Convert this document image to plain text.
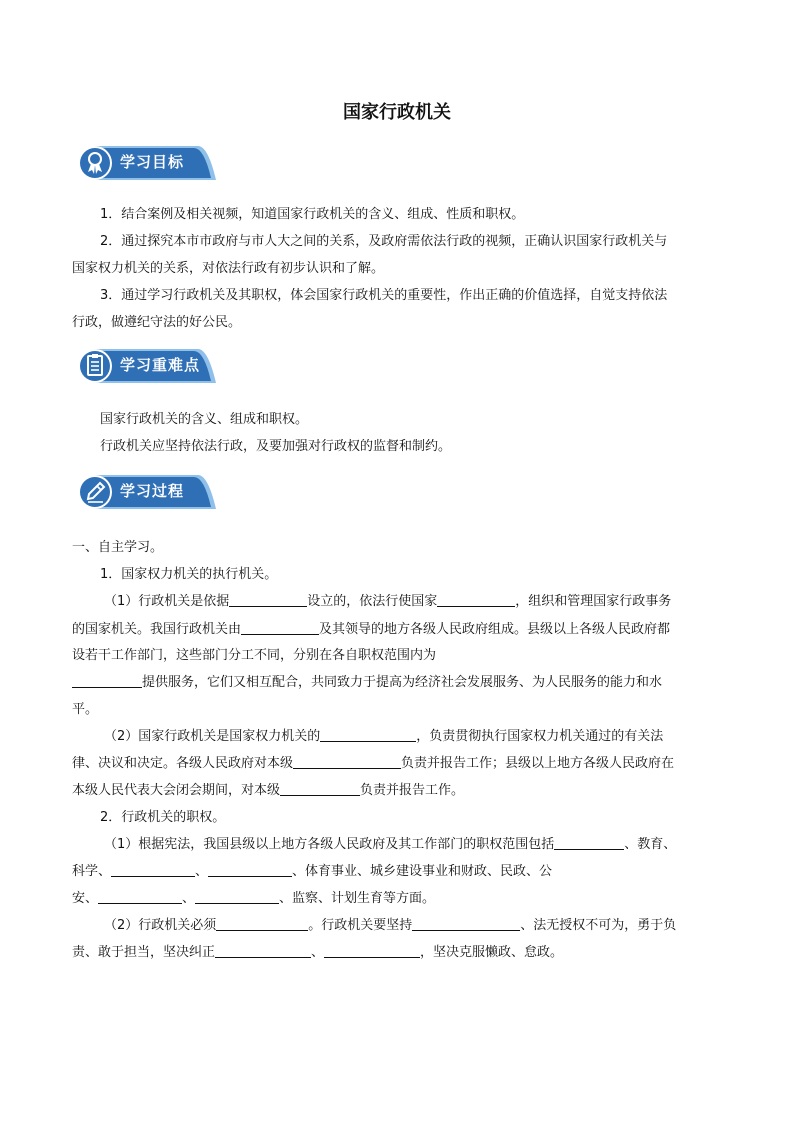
国家行政机关
学习目标
1．结合案例及相关视频，知道国家行政机关的含义、组成、性质和职权。
2．通过探究本市市政府与市人大之间的关系，及政府需依法行政的视频，正确认识国家行政机关与
国家权力机关的关系，对依法行政有初步认识和了解。
3．通过学习行政机关及其职权，体会国家行政机关的重要性，作出正确的价值选择，自觉支持依法
行政，做遵纪守法的好公民。
学习重难点
国家行政机关的含义、组成和职权。
行政机关应坚持依法行政，及要加强对行政权的监督和制约。
学习过程
一、自主学习。
1．国家权力机关的执行机关。
（1）行政机关是依据	设立的，依法行使国家	，组织和管理国家行政事务
的国家机关。我国行政机关由	及其领导的地方各级人民政府组成。县级以上各级人民政府都
设若干工作部门，这些部门分工不同，分别在各自职权范围内为
提供服务，它们又相互配合，共同致力于提高为经济社会发展服务、为人民服务的能力和水
平。
（2）国家行政机关是国家权力机关的	，负责贯彻执行国家权力机关通过的有关法
律、决议和决定。各级人民政府对本级	负责并报告工作；县级以上地方各级人民政府在
本级人民代表大会闭会期间，对本级	负责并报告工作。
2．行政机关的职权。
（1）根据宪法，我国县级以上地方各级人民政府及其工作部门的职权范围包括	、教育、
科学、	、	、体育事业、城乡建设事业和财政、民政、公
安、	、	、监察、计划生育等方面。
（2）行政机关必须	。行政机关要坚持	、法无授权不可为，勇于负
责、敢于担当，坚决纠正	、	，坚决克服懒政、怠政。
